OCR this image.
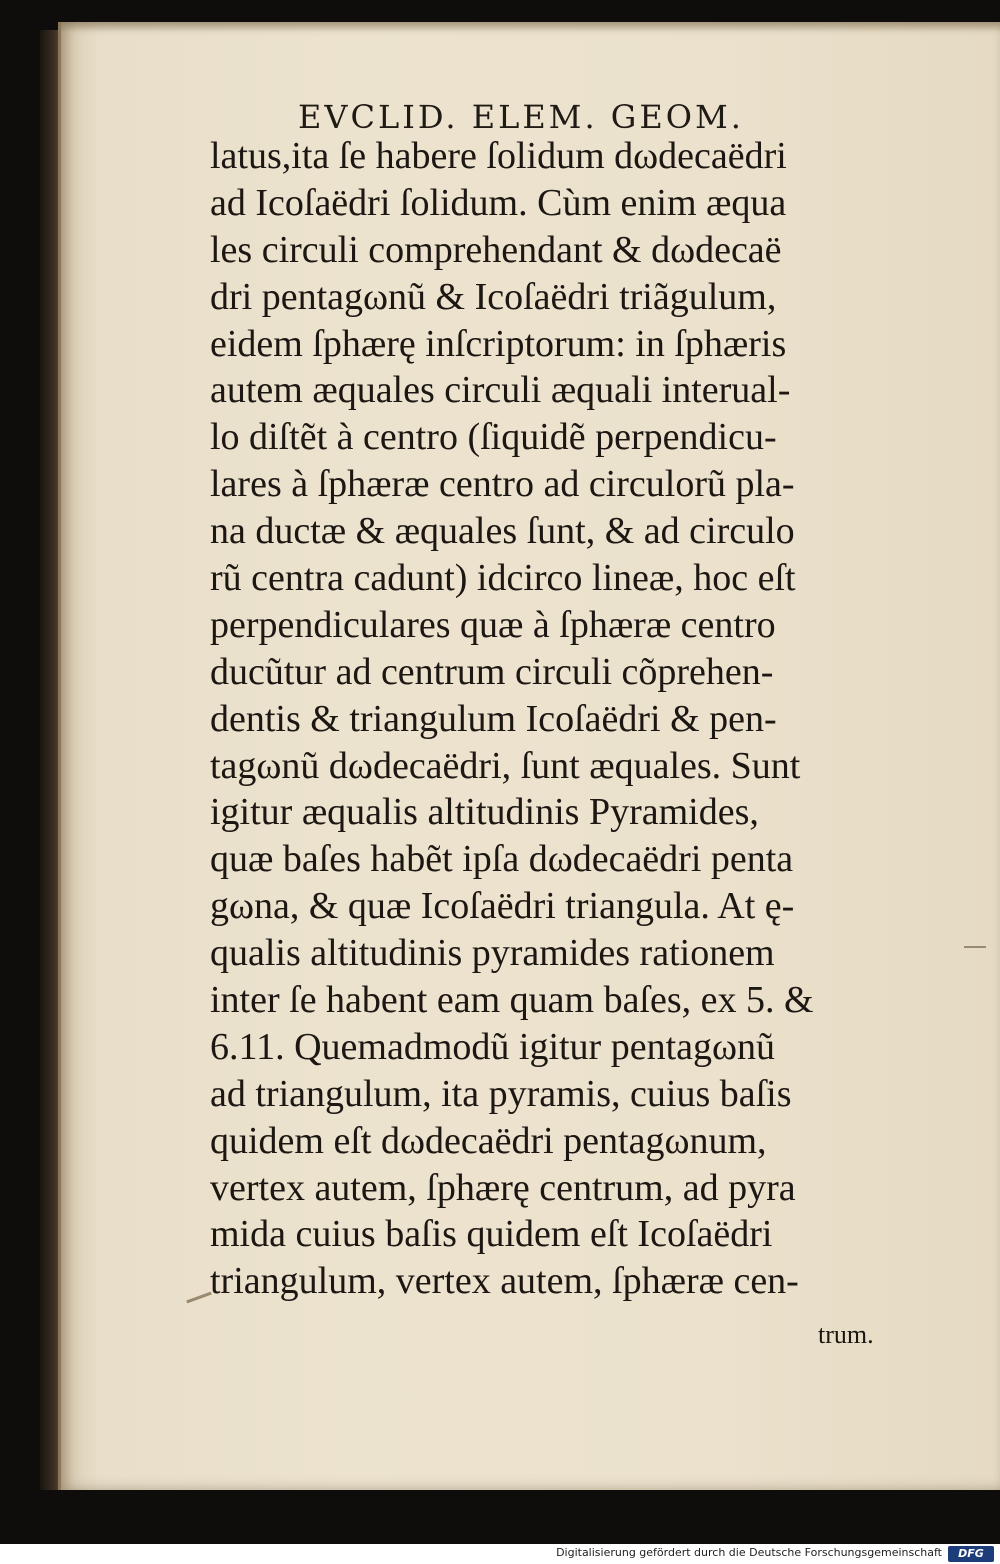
EVCLID. ELEM. GEOM.
latus,ita ſe habere ſolidum dωdecaëdri
ad Icoſaëdri ſolidum. Cùm enim æqua
les circuli comprehendant & dωdecaë
dri pentagωnũ & Icoſaëdri triãgulum,
eidem ſphærę inſcriptorum: in ſphæris
autem æquales circuli æquali interual-
lo diſtẽt à centro (ſiquidẽ perpendicu-
lares à ſphæræ centro ad circulorũ pla-
na ductæ & æquales ſunt, & ad circulo
rũ centra cadunt) idcirco lineæ, hoc eſt
perpendiculares quæ à ſphæræ centro
ducũtur ad centrum circuli cõprehen-
dentis & triangulum Icoſaëdri & pen-
tagωnũ dωdecaëdri, ſunt æquales. Sunt
igitur æqualis altitudinis Pyramides,
quæ baſes habẽt ipſa dωdecaëdri penta
gωna, & quæ Icoſaëdri triangula. At ę-
qualis altitudinis pyramides rationem
inter ſe habent eam quam baſes, ex 5. &
6.11. Quemadmodũ igitur pentagωnũ
ad triangulum, ita pyramis, cuius baſis
quidem eſt dωdecaëdri pentagωnum,
vertex autem, ſphærę centrum, ad pyra
mida cuius baſis quidem eſt Icoſaëdri
triangulum, vertex autem, ſphæræ cen-
trum.
Digitalisierung gefördert durch die Deutsche Forschungsgemeinschaft	DFG
